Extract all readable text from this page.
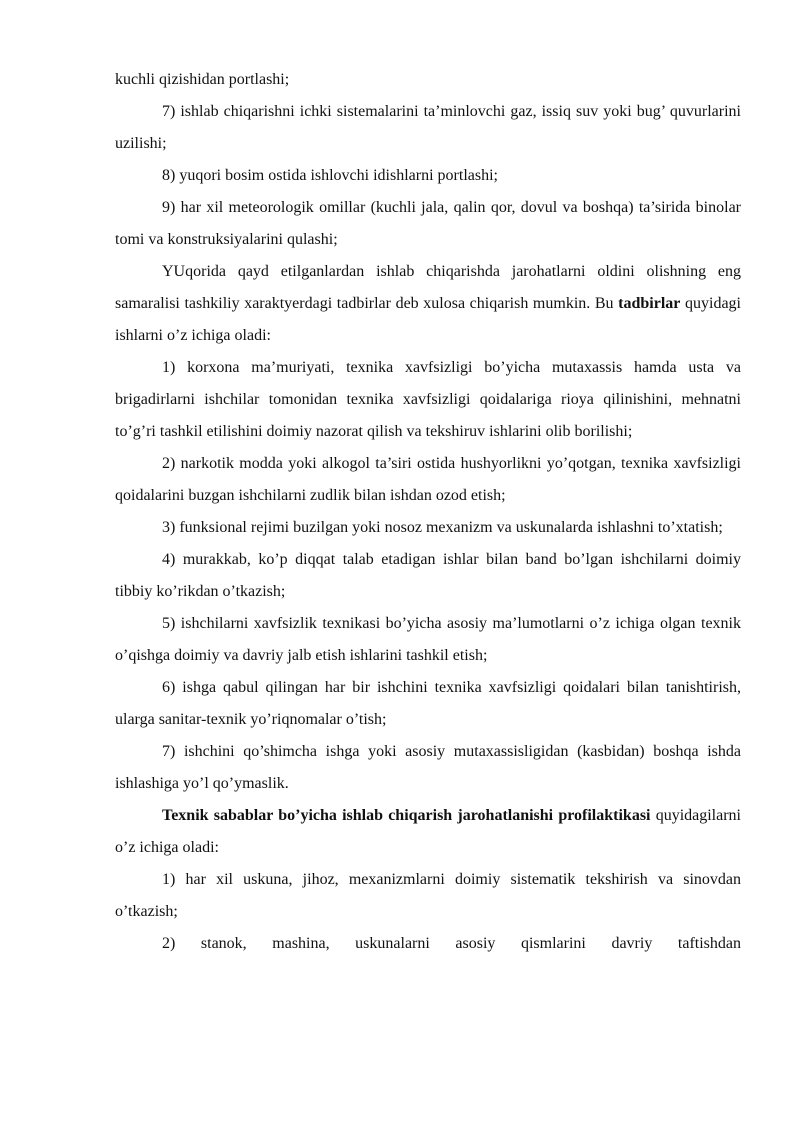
kuchli qizishidan portlashi;

7) ishlab chiqarishni ichki sistemalarini ta’minlovchi gaz, issiq suv yoki bug’ quvurlarini uzilishi;

8) yuqori bosim ostida ishlovchi idishlarni portlashi;

9) har xil meteorologik omillar (kuchli jala, qalin qor, dovul va boshqa) ta’sirida binolar tomi va konstruksiyalarini qulashi;

YUqorida qayd etilganlardan ishlab chiqarishda jarohatlarni oldini olishning eng samaralisi tashkiliy xaraktyerdagi tadbirlar deb xulosa chiqarish mumkin. Bu tadbirlar quyidagi ishlarni o’z ichiga oladi:

1) korxona ma’muriyati, texnika xavfsizligi bo’yicha mutaxassis hamda usta va brigadirlarni ishchilar tomonidan texnika xavfsizligi qoidalariga rioya qilinishini, mehnatni to’g’ri tashkil etilishini doimiy nazorat qilish va tekshiruv ishlarini olib borilishi;

2) narkotik modda yoki alkogol ta’siri ostida hushyorlikni yo’qotgan, texnika xavfsizligi qoidalarini buzgan ishchilarni zudlik bilan ishdan ozod etish;

3) funksional rejimi buzilgan yoki nosoz mexanizm va uskunalarda ishlashni to’xtatish;

4) murakkab, ko’p diqqat talab etadigan ishlar bilan band bo’lgan ishchilarni doimiy tibbiy ko’rikdan o’tkazish;

5) ishchilarni xavfsizlik texnikasi bo’yicha asosiy ma’lumotlarni o’z ichiga olgan texnik o’qishga doimiy va davriy jalb etish ishlarini tashkil etish;

6) ishga qabul qilingan har bir ishchini texnika xavfsizligi qoidalari bilan tanishtirish, ularga sanitar-texnik yo’riqnomalar o’tish;

7) ishchini qo’shimcha ishga yoki asosiy mutaxassisligidan (kasbidan) boshqa ishda ishlashiga yo’l qo’ymaslik.

Texnik sabablar bo’yicha ishlab chiqarish jarohatlanishi profilaktikasi quyidagilarni o’z ichiga oladi:

1) har xil uskuna, jihoz, mexanizmlarni doimiy sistematik tekshirish va sinovdan o’tkazish;

2) stanok, mashina, uskunalarni asosiy qismlarini davriy taftishdan
